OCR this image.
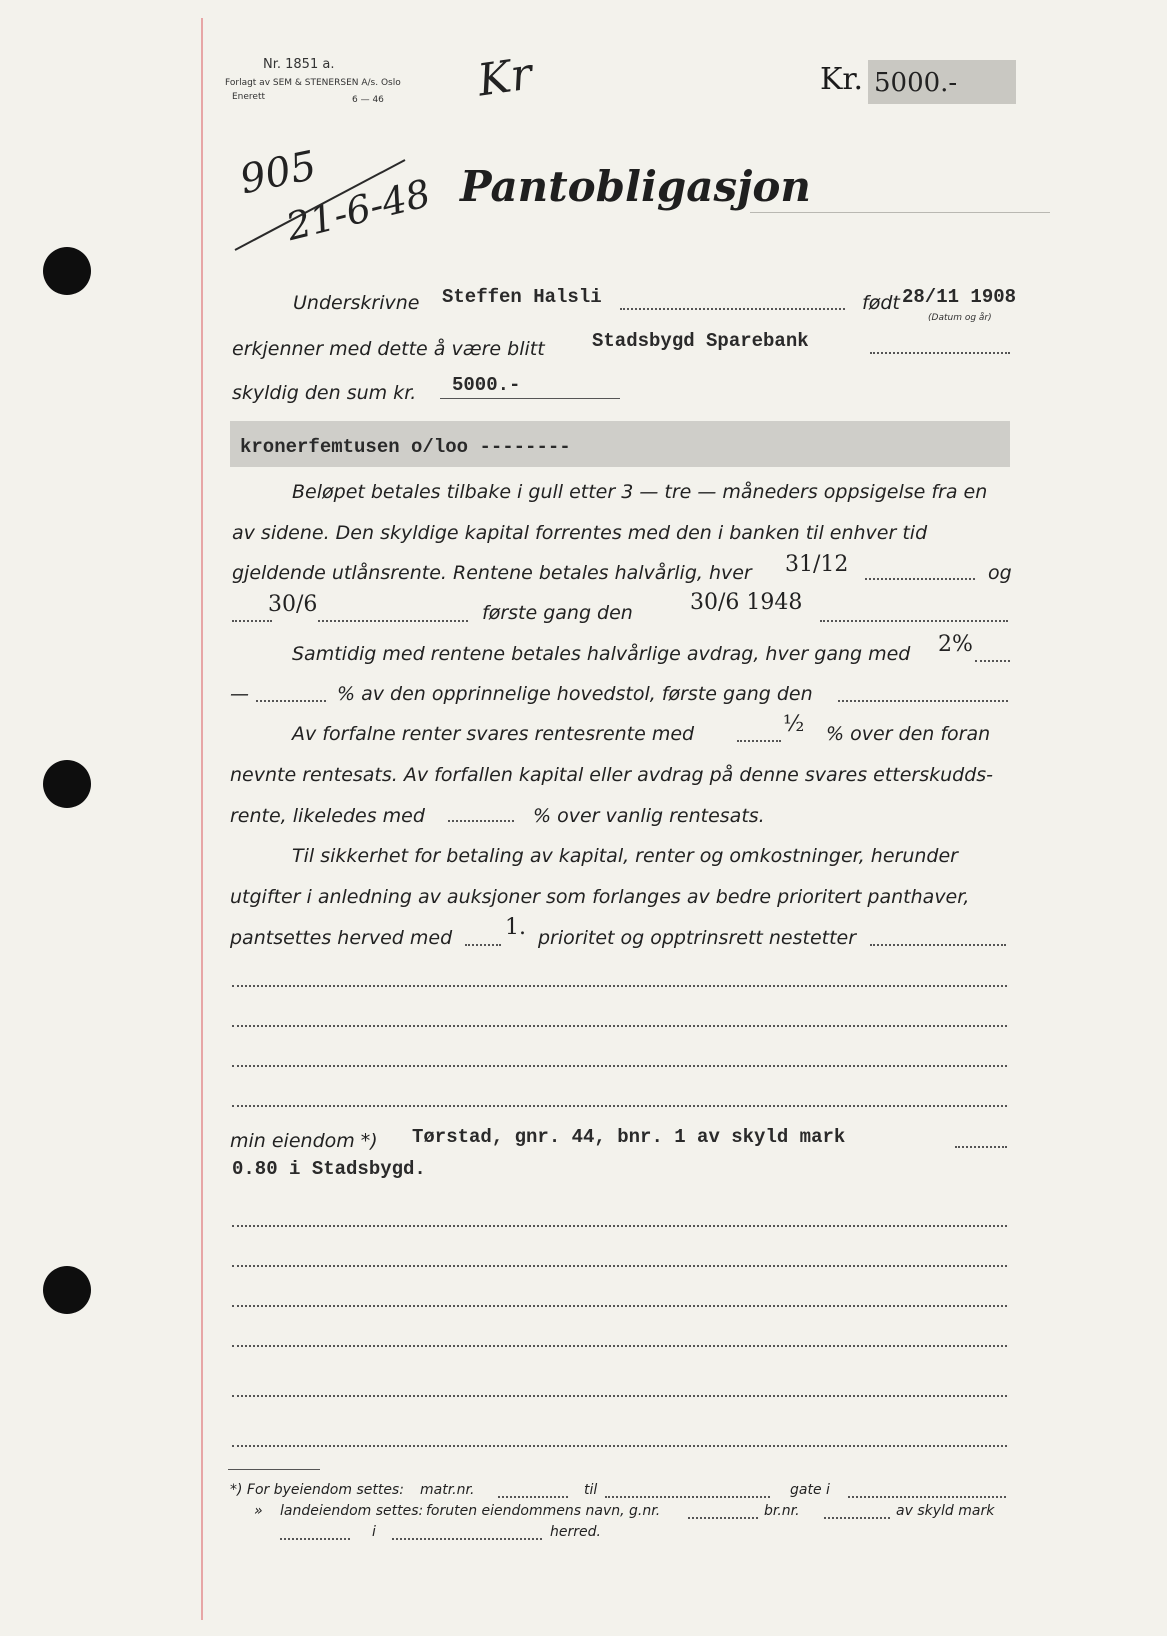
Nr. 1851 a.
Forlagt av SEM & STENERSEN A/s. Oslo
Enerett	6 — 46 Kr	Kr. 5000.-
905
21-6-48 Pantobligasjon
Underskrivne Steffen Halsli	født 28/11 1908
(Datum og år)
erkjenner med dette å være blitt Stadsbygd Sparebank
skyldig den sum kr. 5000.-
kronerfemtusen o/loo --------
Beløpet betales tilbake i gull etter 3 — tre — måneders oppsigelse fra en
av sidene. Den skyldige kapital forrentes med den i banken til enhver tid
gjeldende utlånsrente. Rentene betales halvårlig, hver 31/12	og
30/6	første gang den	30/6 1948
Samtidig med rentene betales halvårlige avdrag, hver gang med 2%
—	% av den opprinnelige hovedstol, første gang den
Av forfalne renter svares rentesrente med	½ % over den foran
nevnte rentesats. Av forfallen kapital eller avdrag på denne svares etterskudds-
rente, likeledes med	% over vanlig rentesats.
Til sikkerhet for betaling av kapital, renter og omkostninger, herunder
utgifter i anledning av auksjoner som forlanges av bedre prioritert panthaver,
pantsettes herved med 1. prioritet og opptrinsrett nestetter
min eiendom *) Tørstad, gnr. 44, bnr. 1 av skyld mark
0.80 i Stadsbygd.
*) For byeiendom settes: matr.nr.	til	gate i
» landeiendom settes: foruten eiendommens navn, g.nr.	br.nr.	av skyld mark
i	herred.
